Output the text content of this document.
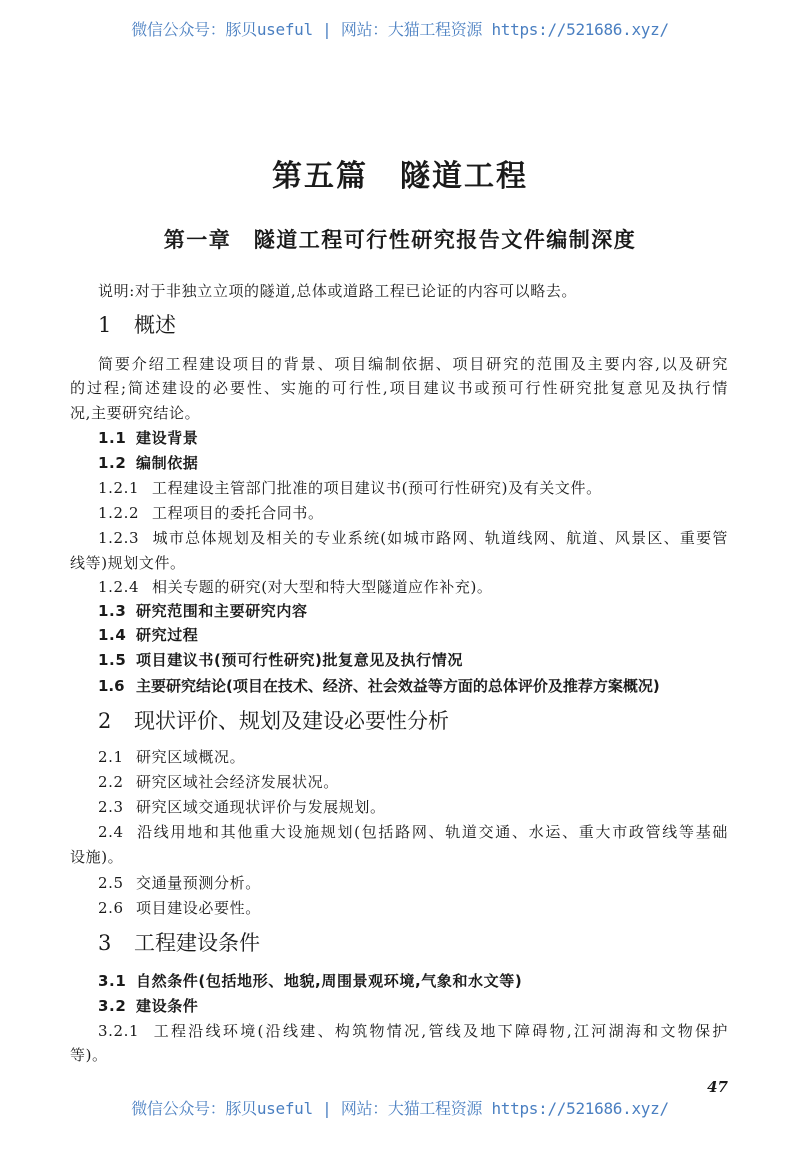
微信公众号：豚贝useful | 网站：大猫工程资源 https://521686.xyz/
第五篇　隧道工程
第一章　隧道工程可行性研究报告文件编制深度
说明:对于非独立立项的隧道,总体或道路工程已论证的内容可以略去。
1 概述
简要介绍工程建设项目的背景、项目编制依据、项目研究的范围及主要内容,以及研究
的过程;简述建设的必要性、实施的可行性,项目建议书或预可行性研究批复意见及执行情
况,主要研究结论。
1.1 建设背景
1.2 编制依据
1.2.1 工程建设主管部门批准的项目建议书(预可行性研究)及有关文件。
1.2.2 工程项目的委托合同书。
1.2.3 城市总体规划及相关的专业系统(如城市路网、轨道线网、航道、风景区、重要管
线等)规划文件。
1.2.4 相关专题的研究(对大型和特大型隧道应作补充)。
1.3 研究范围和主要研究内容
1.4 研究过程
1.5 项目建议书(预可行性研究)批复意见及执行情况
1.6 主要研究结论(项目在技术、经济、社会效益等方面的总体评价及推荐方案概况)
2 现状评价、规划及建设必要性分析
2.1 研究区域概况。
2.2 研究区域社会经济发展状况。
2.3 研究区域交通现状评价与发展规划。
2.4 沿线用地和其他重大设施规划(包括路网、轨道交通、水运、重大市政管线等基础
设施)。
2.5 交通量预测分析。
2.6 项目建设必要性。
3 工程建设条件
3.1 自然条件(包括地形、地貌,周围景观环境,气象和水文等)
3.2 建设条件
3.2.1 工程沿线环境(沿线建、构筑物情况,管线及地下障碍物,江河湖海和文物保护
等)。
47
微信公众号：豚贝useful | 网站：大猫工程资源 https://521686.xyz/
